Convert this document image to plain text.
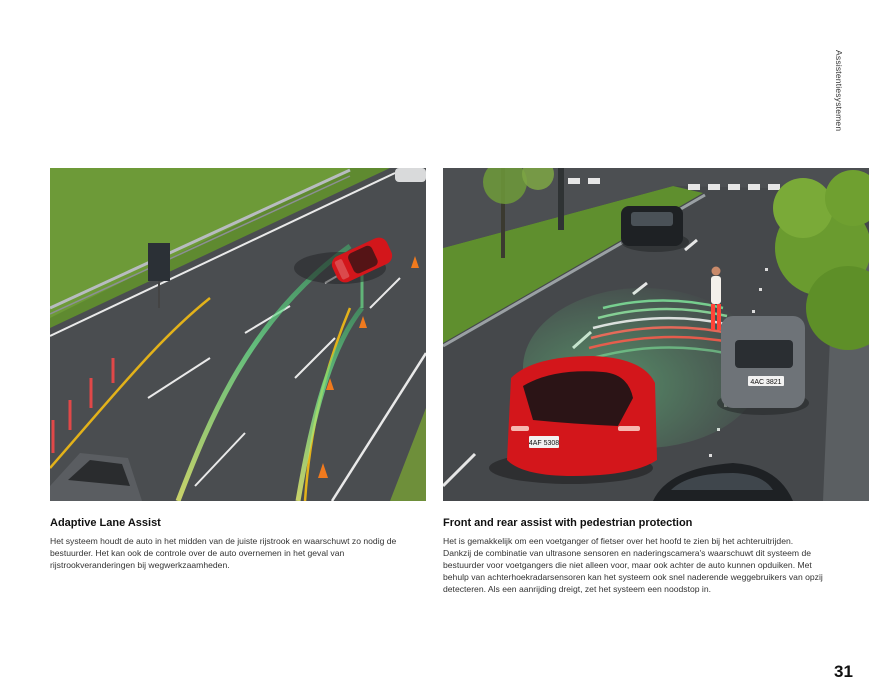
Assistentiesystemen
4AC 3821
4AF 5308
Adaptive Lane Assist

Het systeem houdt de auto in het midden van de juiste rijstrook en waarschuwt zo nodig de bestuurder. Het kan ook de controle over de auto overnemen in het geval van rijstrookveranderingen bij wegwerkzaamheden.

Front and rear assist with pedestrian protection

Het is gemakkelijk om een voetganger of fietser over het hoofd te zien bij het achteruitrijden. Dankzij de combinatie van ultrasone sensoren en naderingscamera's waarschuwt dit systeem de bestuurder voor voetgangers die niet alleen voor, maar ook achter de auto kunnen opduiken. Met behulp van achterhoekradarsensoren kan het systeem ook snel naderende weggebruikers van opzij detecteren. Als een aanrijding dreigt, zet het systeem een noodstop in.

31
